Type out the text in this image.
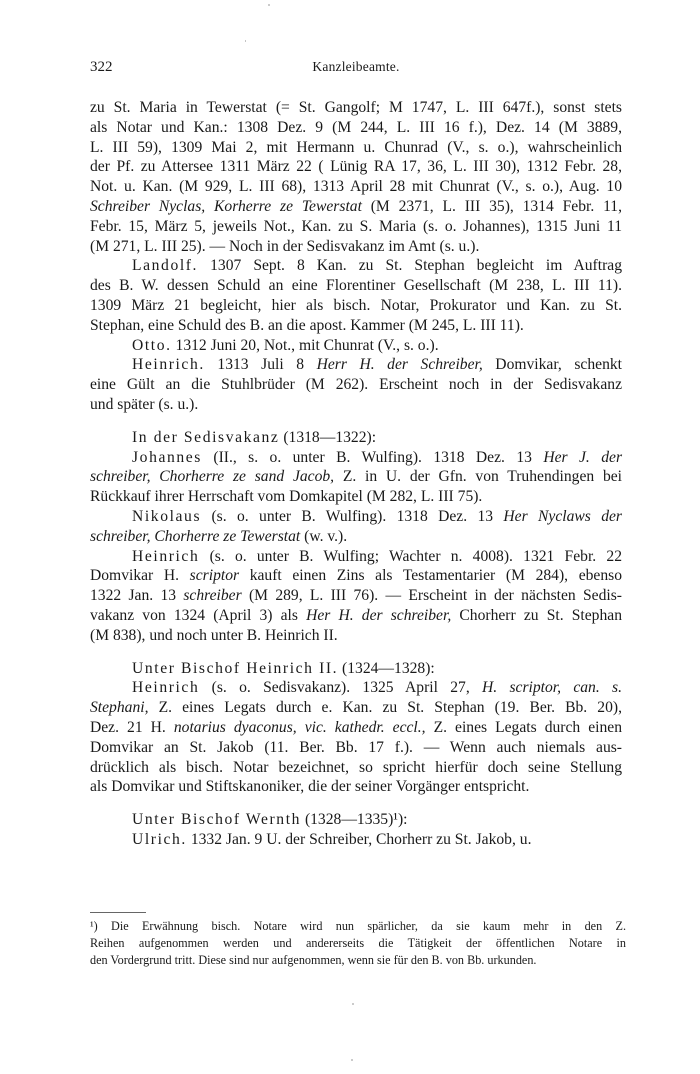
322	Kanzleibeamte.
zu St. Maria in Tewerstat (= St. Gangolf; M 1747, L. III 647f.), sonst stets
als Notar und Kan.: 1308 Dez. 9 (M 244, L. III 16 f.), Dez. 14 (M 3889,
L. III 59), 1309 Mai 2, mit Hermann u. Chunrad (V., s. o.), wahrscheinlich
der Pf. zu Attersee 1311 März 22 ( Lünig RA 17, 36, L. III 30), 1312 Febr. 28,
Not. u. Kan. (M 929, L. III 68), 1313 April 28 mit Chunrat (V., s. o.), Aug. 10
Schreiber Nyclas, Korherre ze Tewerstat (M 2371, L. III 35), 1314 Febr. 11,
Febr. 15, März 5, jeweils Not., Kan. zu S. Maria (s. o. Johannes), 1315 Juni 11
(M 271, L. III 25). — Noch in der Sedisvakanz im Amt (s. u.).
Landolf. 1307 Sept. 8 Kan. zu St. Stephan begleicht im Auftrag
des B. W. dessen Schuld an eine Florentiner Gesellschaft (M 238, L. III 11).
1309 März 21 begleicht, hier als bisch. Notar, Prokurator und Kan. zu St.
Stephan, eine Schuld des B. an die apost. Kammer (M 245, L. III 11).
Otto. 1312 Juni 20, Not., mit Chunrat (V., s. o.).
Heinrich. 1313 Juli 8 Herr H. der Schreiber, Domvikar, schenkt
eine Gült an die Stuhlbrüder (M 262). Erscheint noch in der Sedisvakanz
und später (s. u.).
In der Sedisvakanz (1318—1322):
Johannes (II., s. o. unter B. Wulfing). 1318 Dez. 13 Her J. der
schreiber, Chorherre ze sand Jacob, Z. in U. der Gfn. von Truhendingen bei
Rückkauf ihrer Herrschaft vom Domkapitel (M 282, L. III 75).
Nikolaus (s. o. unter B. Wulfing). 1318 Dez. 13 Her Nyclaws der
schreiber, Chorherre ze Tewerstat (w. v.).
Heinrich (s. o. unter B. Wulfing; Wachter n. 4008). 1321 Febr. 22
Domvikar H. scriptor kauft einen Zins als Testamentarier (M 284), ebenso
1322 Jan. 13 schreiber (M 289, L. III 76). — Erscheint in der nächsten Sedis-
vakanz von 1324 (April 3) als Her H. der schreiber, Chorherr zu St. Stephan
(M 838), und noch unter B. Heinrich II.
Unter Bischof Heinrich II. (1324—1328):
Heinrich (s. o. Sedisvakanz). 1325 April 27, H. scriptor, can. s.
Stephani, Z. eines Legats durch e. Kan. zu St. Stephan (19. Ber. Bb. 20),
Dez. 21 H. notarius dyaconus, vic. kathedr. eccl., Z. eines Legats durch einen
Domvikar an St. Jakob (11. Ber. Bb. 17 f.). — Wenn auch niemals aus-
drücklich als bisch. Notar bezeichnet, so spricht hierfür doch seine Stellung
als Domvikar und Stiftskanoniker, die der seiner Vorgänger entspricht.
Unter Bischof Wernth (1328—1335)¹):
Ulrich. 1332 Jan. 9 U. der Schreiber, Chorherr zu St. Jakob, u.
¹) Die Erwähnung bisch. Notare wird nun spärlicher, da sie kaum mehr in den Z.
Reihen aufgenommen werden und andererseits die Tätigkeit der öffentlichen Notare in
den Vordergrund tritt. Diese sind nur aufgenommen, wenn sie für den B. von Bb. urkunden.
